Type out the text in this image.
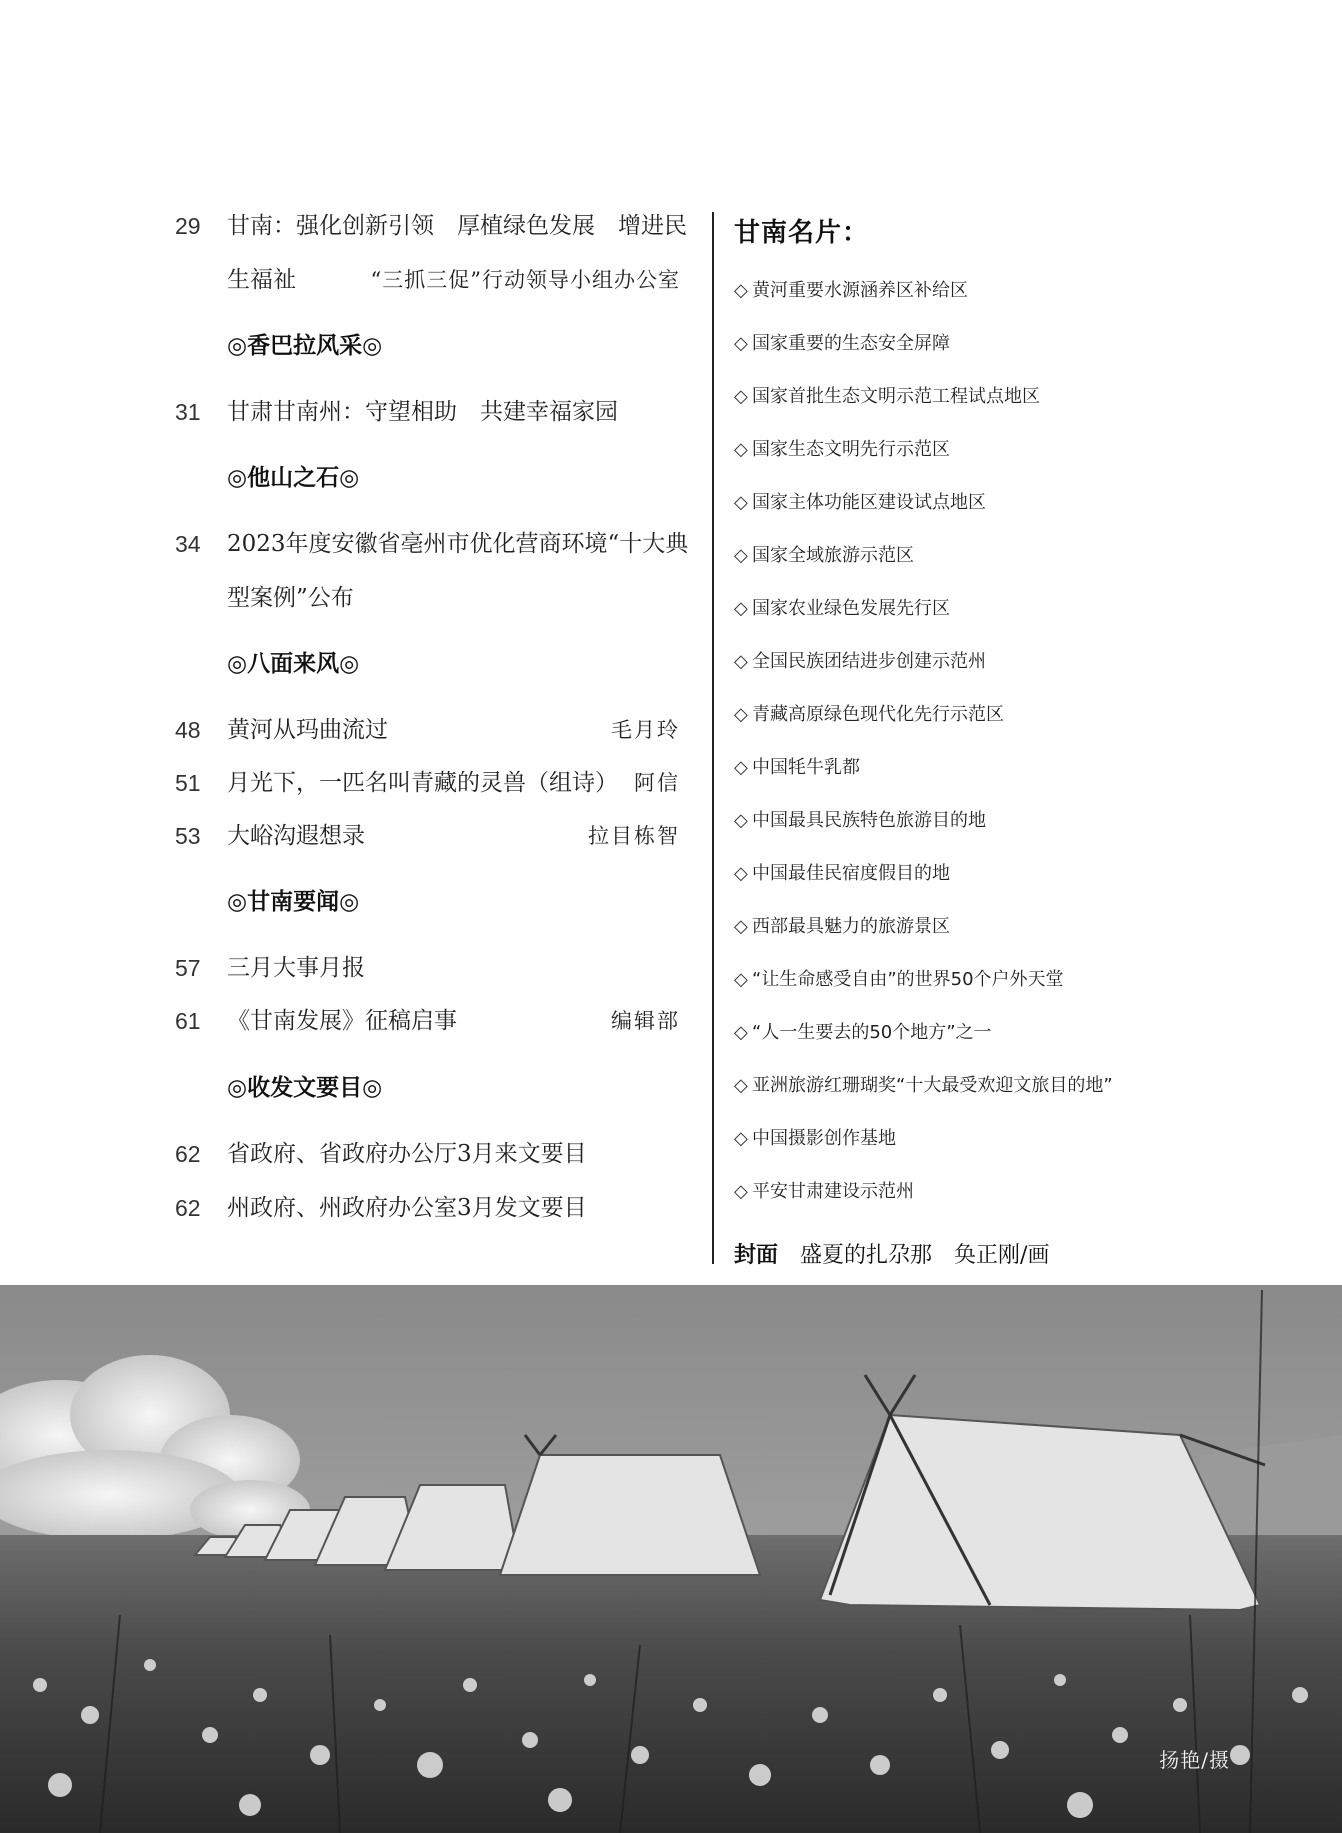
29	甘南：强化创新引领　厚植绿色发展　增进民
生福祉	“三抓三促”行动领导小组办公室
◎香巴拉风采◎
31	甘肃甘南州：守望相助　共建幸福家园
◎他山之石◎
34	2023年度安徽省亳州市优化营商环境“十大典
型案例”公布
◎八面来风◎
48	黄河从玛曲流过	毛月玲
51	月光下，一匹名叫青藏的灵兽（组诗） 阿信
53	大峪沟遐想录	拉目栋智
◎甘南要闻◎
57	三月大事月报
61	《甘南发展》征稿启事	编辑部
◎收发文要目◎
62	省政府、省政府办公厅3月来文要目
62	州政府、州政府办公室3月发文要目
甘南名片：
◇ 黄河重要水源涵养区补给区
◇ 国家重要的生态安全屏障
◇ 国家首批生态文明示范工程试点地区
◇ 国家生态文明先行示范区
◇ 国家主体功能区建设试点地区
◇ 国家全域旅游示范区
◇ 国家农业绿色发展先行区
◇ 全国民族团结进步创建示范州
◇ 青藏高原绿色现代化先行示范区
◇ 中国牦牛乳都
◇ 中国最具民族特色旅游目的地
◇ 中国最佳民宿度假目的地
◇ 西部最具魅力的旅游景区
◇ “让生命感受自由”的世界50个户外天堂
◇ “人一生要去的50个地方”之一
◇ 亚洲旅游红珊瑚奖“十大最受欢迎文旅目的地”
◇ 中国摄影创作基地
◇ 平安甘肃建设示范州
封面 盛夏的扎尕那 奂正刚/画
扬艳/摄
